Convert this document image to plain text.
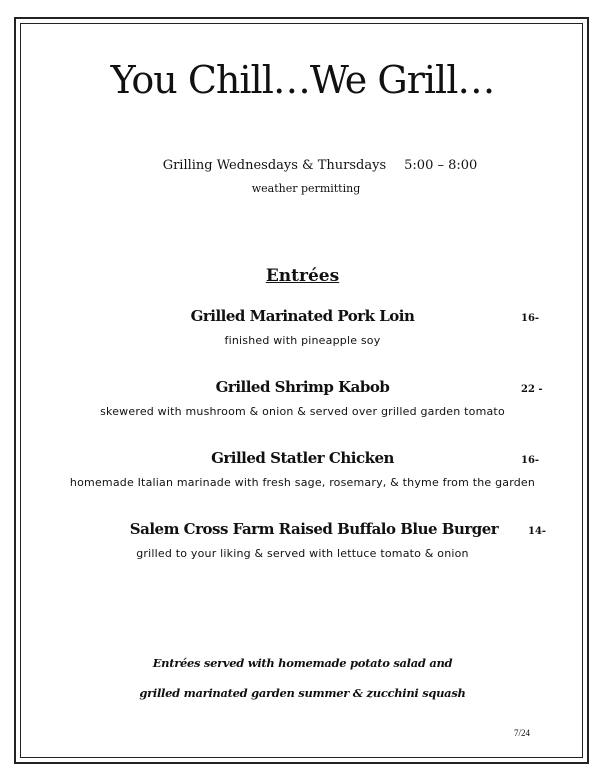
You Chill…We Grill…
Grilling Wednesdays & Thursdays 5:00 – 8:00
weather permitting
Entrées
Grilled Marinated Pork Loin	16-
finished with pineapple soy
Grilled Shrimp Kabob	22 -
skewered with mushroom & onion & served over grilled garden tomato
Grilled Statler Chicken	16-
homemade Italian marinade with fresh sage, rosemary, & thyme from the garden
Salem Cross Farm Raised Buffalo Blue Burger	14-
grilled to your liking & served with lettuce tomato & onion
Entrées served with homemade potato salad and
grilled marinated garden summer & zucchini squash
7/24
